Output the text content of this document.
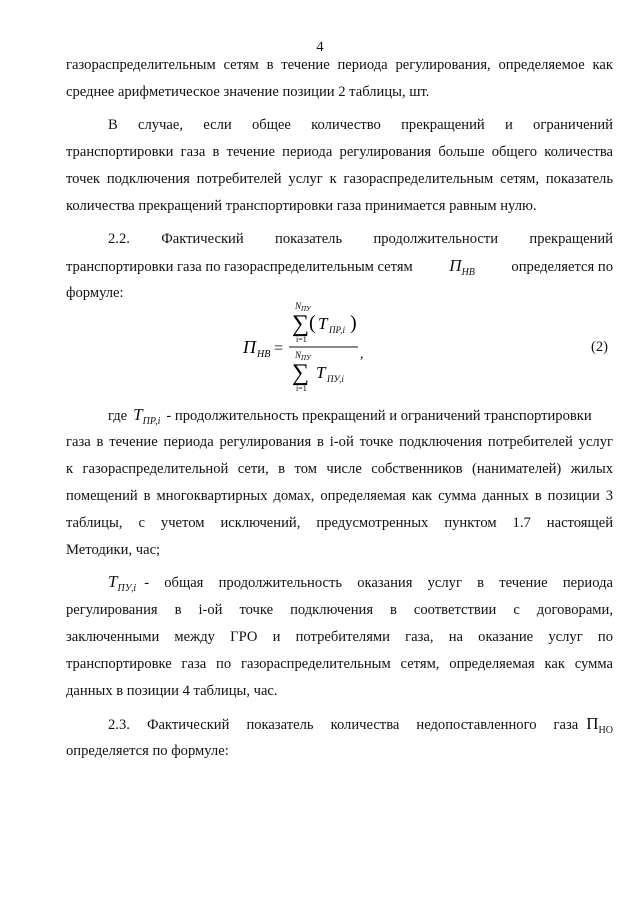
4
газораспределительным сетям в течение периода регулирования, определяемое как
среднее арифметическое значение позиции 2 таблицы, шт.
В случае, если общее количество прекращений и ограничений
транспортировки газа в течение периода регулирования больше общего количества
точек подключения потребителей услуг к газораспределительным сетям, показатель
количества прекращений транспортировки газа принимается равным нулю.
2.2. Фактический показатель продолжительности прекращений
транспортировки газа по газораспределительным сетям $П_{НВ}$	определяется по
формуле:
П НВ =
N ПУ
∑
i=1
( T ПР,i )
N ПУ
∑
i=1
T ПУ,i
,	(2)
где $T_{ПР,i}$ - продолжительность прекращений и ограничений транспортировки
газа в течение периода регулирования в i-ой точке подключения потребителей услуг
к газораспределительной сети, в том числе собственников (нанимателей) жилых
помещений в многоквартирных домах, определяемая как сумма данных в позиции 3
таблицы, с учетом исключений, предусмотренных пунктом 1.7 настоящей
Методики, час;
$T_{ПУ,i}$ - общая продолжительность оказания услуг в течение периода
регулирования в i-ой точке подключения в соответствии с договорами,
заключенными между ГРО и потребителями газа, на оказание услуг по
транспортировке газа по газораспределительным сетям, определяемая как сумма
данных в позиции 4 таблицы, час.
2.3. Фактический показатель количества недопоставленного газа $П_{НО}$
определяется по формуле:
